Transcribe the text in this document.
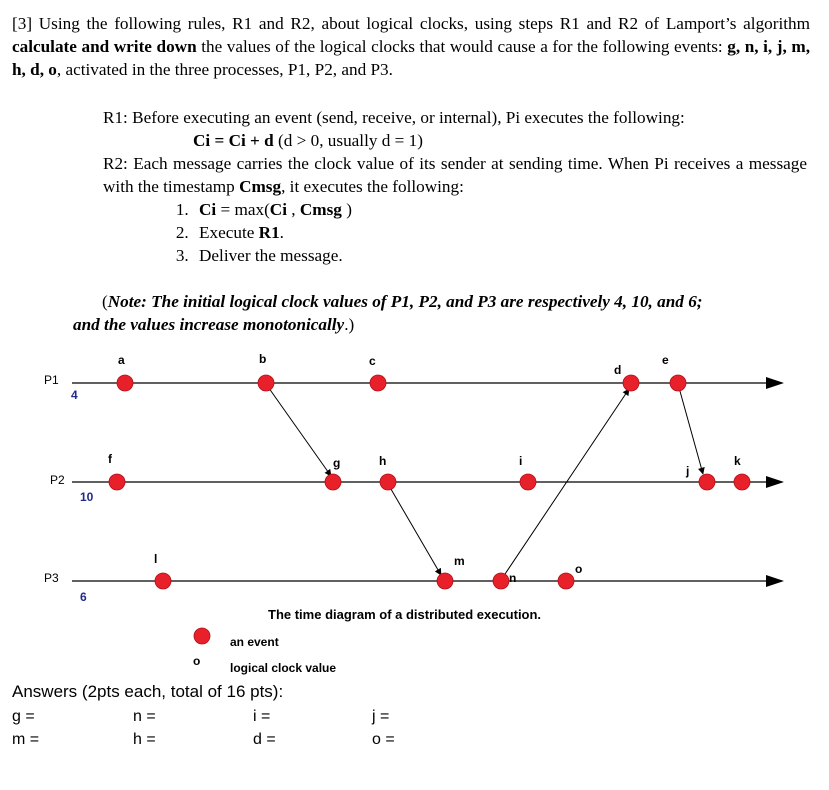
[3] Using the following rules, R1 and R2, about logical clocks, using steps R1 and R2 of Lamport’s algorithm calculate and write down the values of the logical clocks that would cause a for the following events: g, n, i, j, m, h, d, o, activated in the three processes, P1, P2, and P3.
R1: Before executing an event (send, receive, or internal), Pi executes the following:
Ci = Ci + d (d > 0, usually d = 1)
R2: Each message carries the clock value of its sender at sending time. When Pi receives a message with the timestamp Cmsg, it executes the following:
1. Ci = max(Ci , Cmsg )
2. Execute R1.
3. Deliver the message.
(Note: The initial logical clock values of P1, P2, and P3 are respectively 4, 10, and 6;
and the values increase monotonically.)
P1
P2
P3
4
10
6
a	b	c
d
e
f	g	h	i
j
k
l	m
n
o
The time diagram of a distributed execution.
an event
o logical clock value
Answers (2pts each, total of 16 pts):
g =	n =	i =	j =
m =	h =	d =	o =
